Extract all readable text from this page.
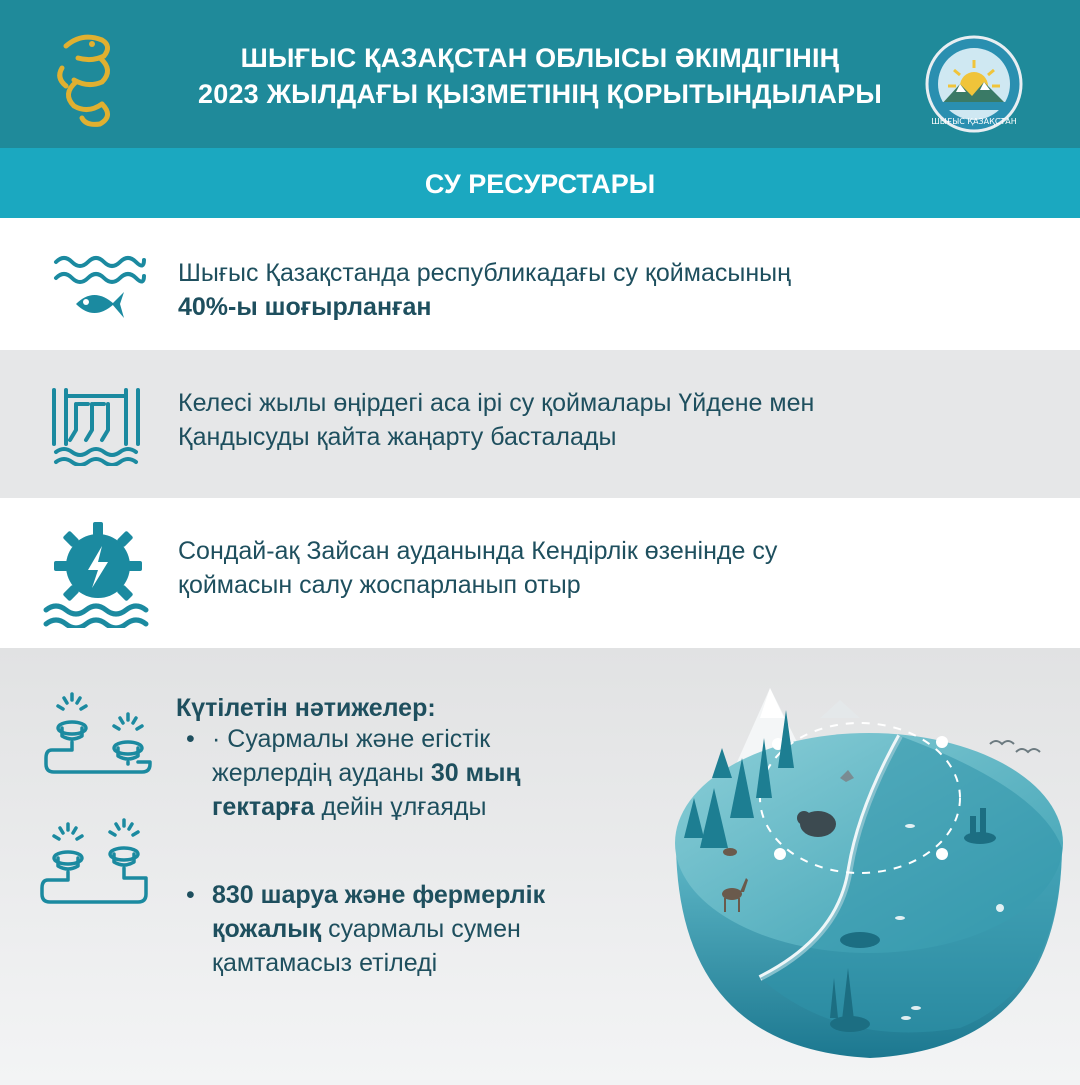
ШЫҒЫС ҚАЗАҚСТАН ОБЛЫСЫ ӘКІМДІГІНІҢ
2023 ЖЫЛДАҒЫ ҚЫЗМЕТІНІҢ ҚОРЫТЫНДЫЛАРЫ
ШЫҒЫС ҚАЗАҚСТАН
СУ РЕСУРСТАРЫ
Шығыс Қазақстанда республикадағы су қоймасының
40%-ы шоғырланған
Келесі жылы өңірдегі аса ірі су қоймалары Үйдене мен
Қандысуды қайта жаңарту басталады
Сондай-ақ Зайсан ауданында Кендірлік өзенінде су
қоймасын салу жоспарланып отыр
Күтілетін нәтижелер:
• · Суармалы және егістік жерлердің ауданы 30 мың гектарға дейін ұлғаяды
• 830 шаруа және фермерлік қожалық суармалы сумен қамтамасыз етіледі
